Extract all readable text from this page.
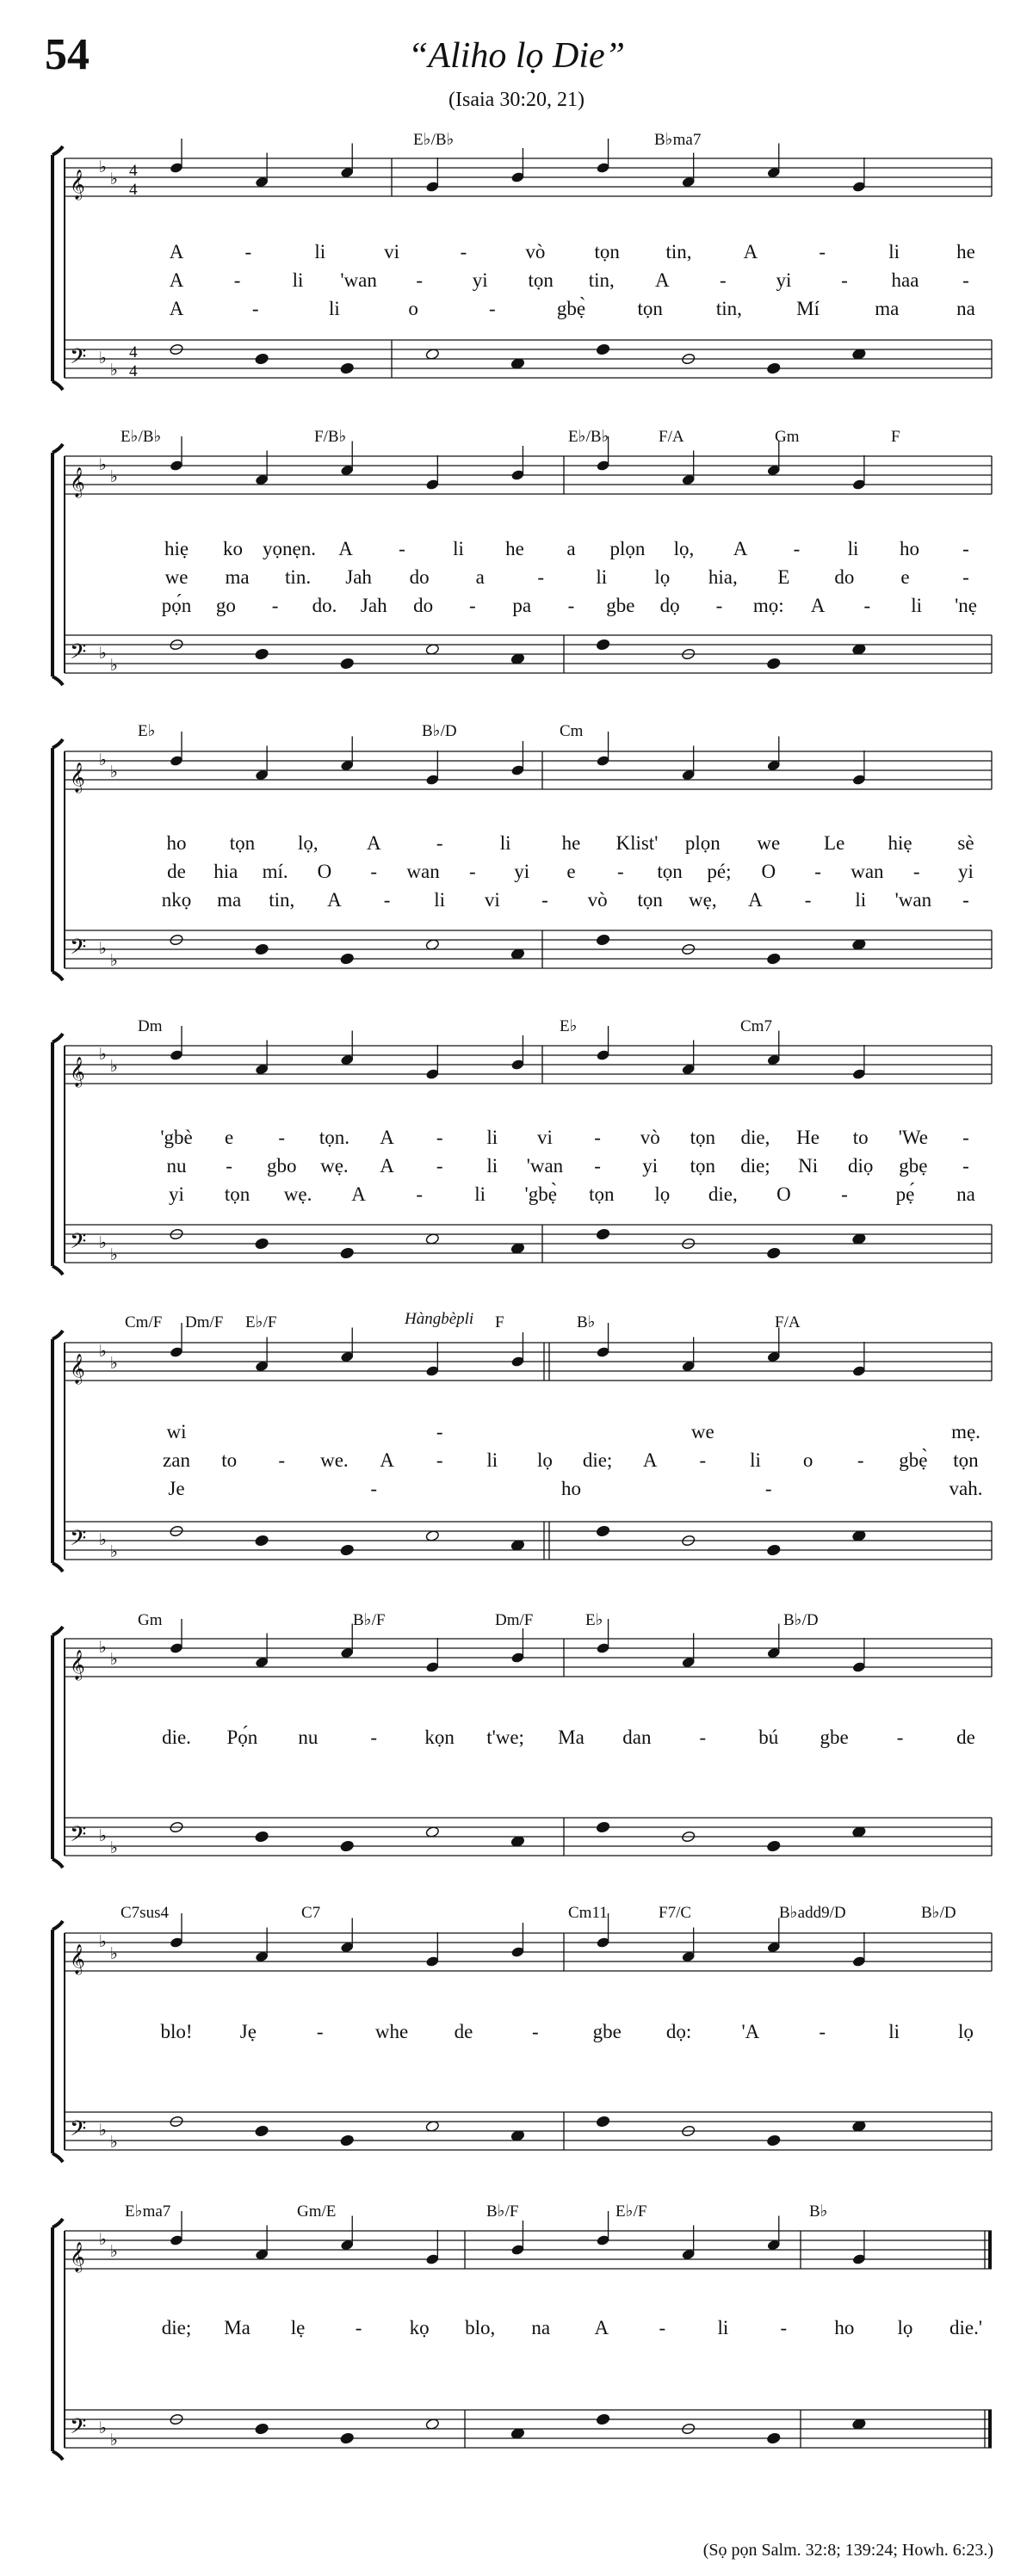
54	“Aliho lọ Die”
(Isaia 30:20, 21)
𝄞
𝄢
♭
♭
♭
♭
4
4
4
4
E♭/B♭	B♭ma7
A	-	li	vi	-	vò tọn tin,	A	-	li	he
A	-	li 'wan -	yi tọn tin, A	-	yi	- haa -
A	-	li	o	-	gbẹ̀	tọn	tin,	Mí	ma	na
𝄞
𝄢
♭
♭
♭
♭
E♭/B♭	F/B♭	E♭/B♭	F/A	Gm	F
hiẹ ko yọnẹn. A - li he a plọn lọ, A - li ho -
we ma tin. Jah do a	-	li lọ hia, E do e	-
pọ́n go - do. Jah do - pa - gbe dọ - mọ: A - li 'nẹ
𝄞
𝄢
♭
♭
♭
♭
E♭	B♭/D	Cm
ho tọn lọ, A	-	li	he Klist' plọn we Le hiẹ sè
de hia mí. O - wan - yi e - tọn pé; O - wan - yi
nkọ ma tin, A - li vi - vò tọn wẹ, A - li 'wan -
𝄞
𝄢
♭
♭
♭
♭
Dm	E♭	Cm7
'gbè e - tọn. A - li vi - vò tọn die, He to 'We -
nu - gbo wẹ. A - li 'wan - yi tọn die; Ni diọ gbẹ -
yi tọn wẹ. A	-	li 'gbẹ̀ tọn lọ die, O	- pẹ́ na
𝄞
𝄢
♭
♭
♭
♭
Hàngbèpli
Cm/F Dm/F E♭/F	F	B♭	F/A
wi	-	we	mẹ.
zan to - we. A - li lọ die; A - li o - gbẹ̀ tọn
Je	-	ho	-	vah.
𝄞
𝄢
♭
♭
♭
♭
Gm	B♭/F	Dm/F	E♭	B♭/D
die. Pọ́n nu	- kọn t'we; Ma dan -	bú gbe -	de
𝄞
𝄢
♭
♭
♭
♭
C7sus4	C7	Cm11	F7/C	B♭add9/D	B♭/D
blo! Jẹ	-	whe de	-	gbe dọ:	'A	-	li	lọ
𝄞
𝄢
♭
♭
♭
♭
E♭ma7	Gm/E	B♭/F	E♭/F	B♭
die; Ma lẹ	- kọ blo, na A	-	li	- ho lọ die.'
(Sọ pọn Salm. 32:8; 139:24; Howh. 6:23.)
